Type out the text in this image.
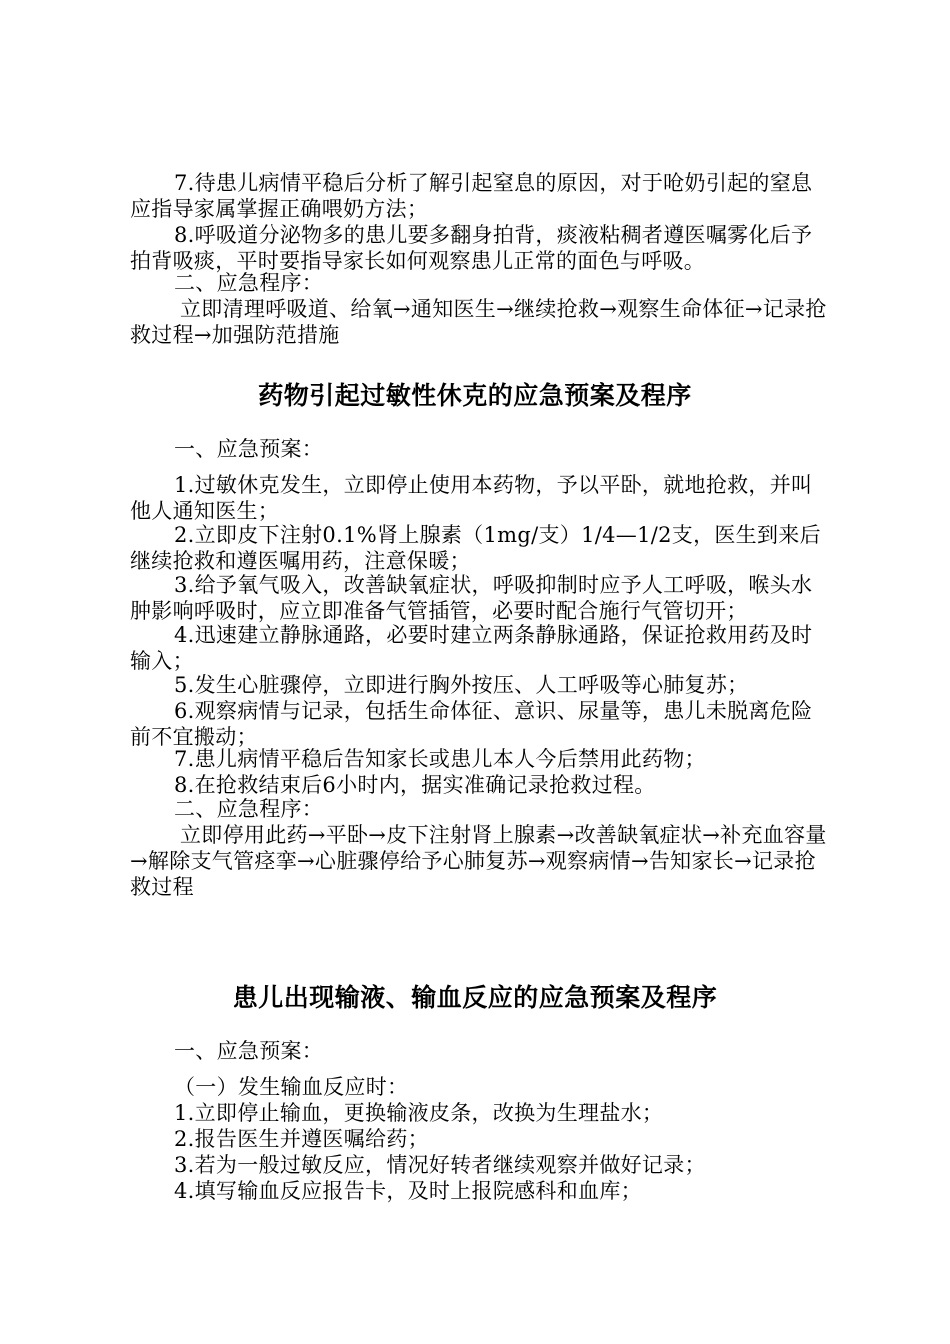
7.待患儿病情平稳后分析了解引起窒息的原因，对于呛奶引起的窒息应指导家属掌握正确喂奶方法；
8.呼吸道分泌物多的患儿要多翻身拍背，痰液粘稠者遵医嘱雾化后予拍背吸痰，平时要指导家长如何观察患儿正常的面色与呼吸。
二、应急程序：
立即清理呼吸道、给氧→通知医生→继续抢救→观察生命体征→记录抢救过程→加强防范措施
药物引起过敏性休克的应急预案及程序
一、应急预案：
1.过敏休克发生，立即停止使用本药物，予以平卧，就地抢救，并叫他人通知医生；
2.立即皮下注射0.1%肾上腺素（1mg/支）1/4—1/2支，医生到来后继续抢救和遵医嘱用药，注意保暖；
3.给予氧气吸入，改善缺氧症状，呼吸抑制时应予人工呼吸，喉头水肿影响呼吸时，应立即准备气管插管，必要时配合施行气管切开；
4.迅速建立静脉通路，必要时建立两条静脉通路，保证抢救用药及时输入；
5.发生心脏骤停，立即进行胸外按压、人工呼吸等心肺复苏；
6.观察病情与记录，包括生命体征、意识、尿量等，患儿未脱离危险前不宜搬动；
7.患儿病情平稳后告知家长或患儿本人今后禁用此药物；
8.在抢救结束后6小时内，据实准确记录抢救过程。
二、应急程序：
立即停用此药→平卧→皮下注射肾上腺素→改善缺氧症状→补充血容量→解除支气管痉挛→心脏骤停给予心肺复苏→观察病情→告知家长→记录抢救过程
患儿出现输液、输血反应的应急预案及程序
一、应急预案：
（一）发生输血反应时：
1.立即停止输血，更换输液皮条，改换为生理盐水；
2.报告医生并遵医嘱给药；
3.若为一般过敏反应，情况好转者继续观察并做好记录；
4.填写输血反应报告卡，及时上报院感科和血库；
